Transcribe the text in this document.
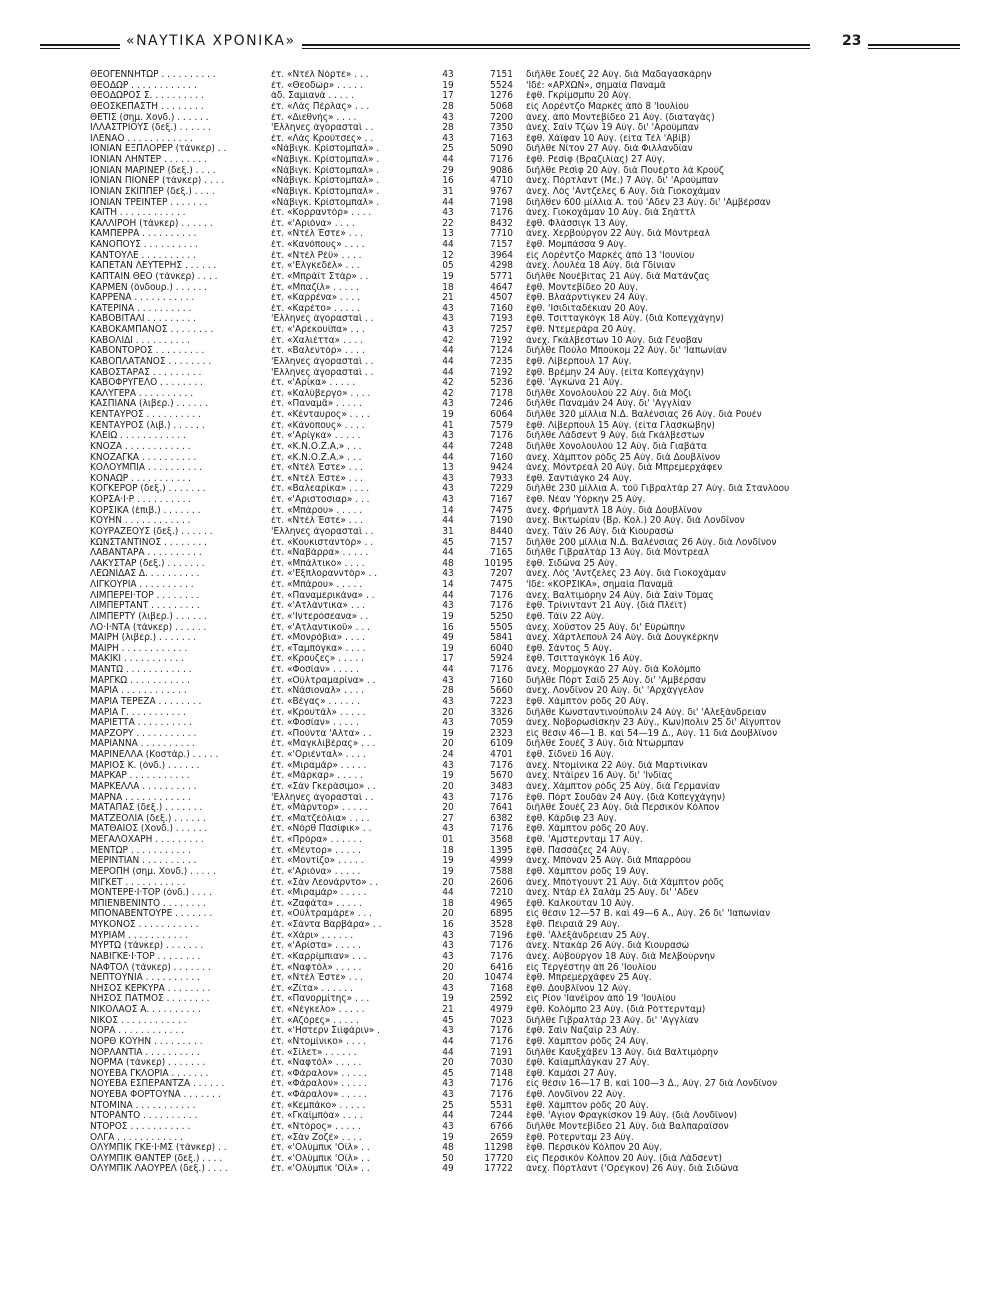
«ΝΑΥΤΙΚΑ ΧΡΟΝΙΚΑ»	23
ΘΕΟΓΕΝΝΗΤΩΡ . . . . . . . . . .	ἐτ. «Ντὲλ Νόρτε» . . .	43	7151 διῆλθε Σουὲζ 22 Αὐγ. διὰ Μαδαγασκάρην
ΘΕΟΔΩΡ . . . . . . . . . . . .	ἐτ. «Θεοδώρ» . . . . .	19	5524 'Ιδέ: «ΑΡΧΩΝ», σημαία Παναμᾶ
ΘΕΟΔΩΡΟΣ Σ. . . . . . . . . .	ἀδ. Σαμιανὰ . . . . .	17	1276 ἔφθ. Γκρίμσμπυ 20 Αὐγ.
ΘΕΟΣΚΕΠΑΣΤΗ . . . . . . . .	ἐτ. «Λὰς Πέρλας» . . .	28	5068 εἰς Λορέντζο Μαρκὲς ἀπὸ 8 'Ιουλίου
ΘΕΤΙΣ (σημ. Χονδ.) . . . . . .	ἐτ. «Διεθνὴς» . . . .	43	7200 ἀνεχ. ἀπὸ Μοντεβίδεο 21 Αὐγ. (διαταγὰς)
ΙΛΛΑΣΤΡΙΟΥΣ (δεξ.) . . . . . .	'Ελληνες ἀγορασταὶ . .	28	7350 ἀνεχ. Σαὶν Τζὼν 19 Αὐγ. δι' 'Αρούμπαν
ΙΛΕΝΑΟ . . . . . . . . . . . .	ἐτ. «Λὰς Κρούτσες» . .	43	7163 ἔφθ. Χάϊφαν 10 Αὐγ. (εἶτα Τὲλ 'Αβίβ)
ΙΟΝΙΑΝ ΕΞΠΛΟΡΕΡ (τάνκερ) . .	«Νάβιγκ. Κρίστομπαλ» .	25	5090 διῆλθε Νίτον 27 Αὐγ. διὰ Φιλλανδίαν
ΙΟΝΙΑΝ ΛΗΝΤΕΡ . . . . . . . .	«Νάβιγκ. Κρίστομπαλ» .	44	7176 ἔφθ. Ρεσὶφ (Βραζιλίας) 27 Αὐγ.
ΙΟΝΙΑΝ ΜΑΡΙΝΕΡ (δεξ.) . . . .	«Νάβιγκ. Κρίστομπαλ» .	29	9086 διῆλθε Ρεσὶφ 20 Αὐγ. διὰ Πουέρτο λὰ Κρούζ
ΙΟΝΙΑΝ ΠΙΟΝΕΡ (τάνκερ) . . . .	«Νάβιγκ. Κρίστομπαλ» .	16	4710 ἀνεχ. Πόρτλαντ (Με.) 7 Αὐγ. δι' 'Αρούμπαν
ΙΟΝΙΑΝ ΣΚΙΠΠΕΡ (δεξ.) . . . .	«Νάβιγκ. Κρίστομπαλ» .	31	9767 ἀνεχ. Λὸς 'Αντζελες 6 Αὐγ. διὰ Γιοκοχάμαν
ΙΟΝΙΑΝ ΤΡΕΪΝΤΕΡ . . . . . . .	«Νάβιγκ. Κρίστομπαλ» .	44	7198 διῆλθεν 600 μίλλια Α. τοῦ 'Αδεν 23 Αὐγ. δι' 'Αμβέρσαν
ΚΑΙΤΗ . . . . . . . . . . . .	ἐτ. «Κορραντόρ» . . . .	43	7176 ἀνεχ. Γιοκοχάμαν 10 Αὐγ. διὰ Σηάττλ
ΚΑΛΛΙΡΟΗ (τάνκερ) . . . . . .	ἐτ. «'Αριόνα» . . . .	22	8432 ἔφθ. Φλάσσιγκ 13 Αὐγ.
ΚΑΜΠΕΡΡΑ . . . . . . . . . .	ἐτ. «Ντὲλ Έστε» . . .	13	7710 ἀνεχ. Χερβούργον 22 Αὐγ. διὰ Μόντρεαλ
ΚΑΝΟΠΟΥΣ . . . . . . . . . .	ἐτ. «Κανόπους» . . . .	44	7157 ἔφθ. Μομπάσσα 9 Αὐγ.
ΚΑΝΤΟΥΛΕ . . . . . . . . . .	ἐτ. «Ντὲλ Ρέϋ» . . . .	12	3964 εἰς Λορέντζο Μαρκὲς ἀπὸ 13 'Ιουνίου
ΚΑΠΕΤΑΝ ΛΕΥΤΕΡΗΣ . . . . . .	ἐτ. «'Ελγκεδὲλ» . . .	05	4298 ἀνεχ. Λουλέα 18 Αὐγ. διὰ Γδίνιαν
ΚΑΠΤΑΙΝ ΘΕΟ (τάνκερ) . . . .	ἐτ. «Μπράϊτ Στὰρ» . .	19	5771 διῆλθε Νουέβιτας 21 Αὐγ. διὰ Ματάνζας
ΚΑΡΜΕΝ (ὅνδουρ.) . . . . . .	ἐτ. «Μπαζίλ» . . . . .	18	4647 ἔφθ. Μοντεβίδεο 20 Αὐγ.
ΚΑΡΡΕΝΑ . . . . . . . . . . .	ἐτ. «Καρρένα» . . . .	21	4507 ἔφθ. Βλαάρντιγκεν 24 Αὐγ.
ΚΑΤΕΡΙΝΑ . . . . . . . . . .	ἐτ. «Καρέτο» . . . . .	43	7160 ἔφθ. 'Ισιδιταδέκιαν 20 Αὐγ.
ΚΑΒΟΒΙΤΑΛΙ . . . . . . . . .	'Ελληνες ἀγορασταὶ . .	43	7193 ἔφθ. Τσιτταγκὸγκ 18 Αὐγ. (διὰ Κοπεγχάγην)
ΚΑΒΟΚΑΜΠΑΝΟΣ . . . . . . . .	ἐτ. «'Αρεκουΐπα» . . .	43	7257 ἔφθ. Ντεμεράρα 20 Αὐγ.
ΚΑΒΟΛΙΔΙ . . . . . . . . . .	ἐτ. «Χαλιέττα» . . . .	42	7192 ἀνεχ. Γκάλβεστων 10 Αὐγ. διὰ Γένοβαν
ΚΑΒΟΝΤΟΡΟΣ . . . . . . . . .	ἐτ. «Βαλεντὸρ» . . . .	44	7124 διῆλθε Πούλο Μπούκομ 22 Αὐγ. δι' 'Ιαπωνίαν
ΚΑΒΟΠΛΑΤΑΝΟΣ . . . . . . . .	'Ελληνες ἀγορασταὶ . .	44	7235 ἔφθ. Λίβερπουλ 17 Αὐγ.
ΚΑΒΟΣΤΑΡΑΣ . . . . . . . . .	'Ελληνες ἀγορασταὶ . .	44	7192 ἔφθ. Βρέμην 24 Αὐγ. (εἶτα Κοπεγχάγην)
ΚΑΒΟΦΡΥΓΕΛΟ . . . . . . . .	ἐτ. «'Αρίκα» . . . . .	42	5236 ἔφθ. 'Αγκώνα 21 Αὐγ.
ΚΑΛΥΓΕΡΑ . . . . . . . . . .	ἐτ. «Καλύβεργο» . . . .	42	7178 διῆλθε Χονολουλοὺ 22 Αὐγ. διὰ Μόζι
ΚΑΣΠΙΑΝΑ (λιβερ.) . . . . . .	ἐτ. «Παναμᾶ» . . . . .	43	7246 διῆλθε Παναμᾶν 24 Αὐγ. δι' 'Αγγλίαν
ΚΕΝΤΑΥΡΟΣ . . . . . . . . . .	ἐτ. «Κένταυρος» . . . .	19	6064 διῆλθε 320 μίλλια Ν.Δ. Βαλένσιας 26 Αὐγ. διὰ Ρουὲν
ΚΕΝΤΑΥΡΟΣ (λιβ.) . . . . . .	ἐτ. «Κάνοπους» . . . .	41	7579 ἔφθ. Λίβερπουλ 15 Αὐγ. (εἶτα Γλασκώβην)
ΚΛΕΙΩ . . . . . . . . . . . .	ἐτ. «'Αρίγκα» . . . . .	43	7176 διῆλθε Λάδσεντ 9 Αὐγ. διὰ Γκάλβεστων
ΚΝΟΖΑ . . . . . . . . . . . .	ἐτ. «Κ.Ν.Ο.Ζ.Α.» . . .	44	7248 διῆλθε Χονολουλοὺ 12 Αὐγ. διὰ Γιαβάτα
ΚΝΟΖΑΓΚΑ . . . . . . . . . .	ἐτ. «Κ.Ν.Ο.Ζ.Α.» . . .	44	7160 ἀνεχ. Χάμπτον ρὸδς 25 Αὐγ. διὰ Δουβλῖνον
ΚΟΛΟΥΜΠΙΑ . . . . . . . . . .	ἐτ. «Ντὲλ Έστε» . . .	13	9424 ἀνεχ. Μόντρεαλ 20 Αὐγ. διὰ Μπρεμερχάφεν
ΚΟΝΑΩΡ . . . . . . . . . . .	ἐτ. «Ντὲλ Έστε» . . .	43	7933 ἔφθ. Σαντιάγκο 24 Αὐγ.
ΚΟΓΚΕΡΟΡ (δεξ.) . . . . . . .	ἐτ. «Βαλεαρίκα» . . . .	43	7229 διῆλθε 230 μίλλια Α. τοῦ Γιβραλτὰρ 27 Αὐγ. διὰ Στανλόου
ΚΟΡΣΑ·Ι·Ρ . . . . . . . . . .	ἐτ. «'Αριστοσιαρ» . . .	43	7167 ἔφθ. Νέαν 'Υόρκην 25 Αὐγ.
ΚΟΡΣΙΚΑ (ἐπιβ.) . . . . . . .	ἐτ. «Μπάρου» . . . . .	14	7475 ἀνεχ. Φρήμαντλ 18 Αὐγ. διὰ Δουβλῖνον
ΚΟΥΗΝ . . . . . . . . . . . .	ἐτ. «Ντὲλ Έστε» . . .	44	7190 ἀνεχ. Βικτωρίαν (Βρ. Κολ.) 20 Αὐγ. διὰ Λονδῖνον
ΚΟΥΡΑΖΕΟΥΣ (δεξ.) . . . . . .	'Ελληνες ἀγορασταὶ . .	31	8440 ἀνεχ. Τάϊν 26 Αὐγ. διὰ Κιουρασὼ
ΚΩΝΣΤΑΝΤΙΝΟΣ . . . . . . . .	ἐτ. «Κουκισταντὸρ» . .	45	7157 διῆλθε 200 μίλλια Ν.Δ. Βαλένσιας 26 Αὐγ. διὰ Λονδῖνον
ΛΑΒΑΝΤΑΡΑ . . . . . . . . . .	ἐτ. «Ναβάρρα» . . . . .	44	7165 διῆλθε Γιβραλτὰρ 13 Αὐγ. διὰ Μόντρεαλ
ΛΑΚΥΣΤΑΡ (δεξ.) . . . . . . .	ἐτ. «Μπάλτικο» . . . .	48	10195 ἔφθ. Σιδῶνα 25 Αὐγ.
ΛΕΩΝΙΔΑΣ Δ. . . . . . . . . .	ἐτ. «'Εξπλορανντὸρ» . .	43	7207 ἀνεχ. Λὸς 'Αντζελες 23 Αὐγ. διὰ Γιοκοχάμαν
ΛΙΓΚΟΥΡΙΑ . . . . . . . . . .	ἐτ. «Μπάρου» . . . . .	14	7475 'Ιδέ: «ΚΟΡΣΙΚΑ», σημαία Παναμᾶ
ΛΙΜΠΕΡΕΪ·ΤΟΡ . . . . . . . .	ἐτ. «Παναμερικάνα» . .	44	7176 ἀνεχ. Βαλτιμόρην 24 Αὐγ. διὰ Σαὶν Τόμας
ΛΙΜΠΕΡΤΑΝΤ . . . . . . . . .	ἐτ. «'Ατλάντικα» . . .	43	7176 ἔφθ. Τρίνινταντ 21 Αὐγ. (διὰ Πλέϊτ)
ΛΙΜΠΕΡΤΥ (λιβερ.) . . . . . .	ἐτ. «'Ιντερόσεανα» . .	19	5250 ἔφθ. Τάϊν 22 Αὐγ.
ΛΟ·Ι·ΝΤΑ (τάνκερ) . . . . . .	ἐτ. «'Ατλαντικοῦ» . . .	16	5505 ἀνεχ. Χοῦστον 25 Αὐγ. δι' Εὐρώπην
ΜΑΙΡΗ (λιβερ.) . . . . . . .	ἐτ. «Μονρόβια» . . . .	49	5841 ἀνεχ. Χάρτλεπουλ 24 Αὐγ. διὰ Δουγκέρκην
ΜΑΙΡΗ . . . . . . . . . . . .	ἐτ. «Ταμπόγκα» . . . .	19	6040 ἔφθ. Σάντος 5 Αὐγ.
ΜΑΚΙΚΙ . . . . . . . . . . .	ἐτ. «Κρούζες» . . . . .	17	5924 ἔφθ. Τσιτταγκὸγκ 16 Αὐγ.
ΜΑΝΤΩ . . . . . . . . . . . .	ἐτ. «Φοσίαν» . . . . .	44	7176 ἀνεχ. Μορμογκάο 27 Αὐγ. διὰ Κολόμπο
ΜΑΡΓΚΩ . . . . . . . . . . .	ἐτ. «Οὐλτραμαρίνα» . .	43	7160 διῆλθε Πὸρτ Σαΐδ 25 Αὐγ. δι' 'Αμβέρσαν
ΜΑΡΙΑ . . . . . . . . . . . .	ἐτ. «Νάσιοναλ» . . . .	28	5660 ἀνεχ. Λονδῖνον 20 Αὐγ. δι' 'Αρχάγγελον
ΜΑΡΙΑ ΤΕΡΕΖΑ . . . . . . . .	ἐτ. «Βέγας» . . . . . .	43	7223 ἔφθ. Χάμπτον ρὸδς 20 Αὐγ.
ΜΑΡΙΑ Γ. . . . . . . . . . .	ἐτ. «Κρουτάλ» . . . . .	20	3326 διῆλθε Κωνσταντινούπολιν 24 Αὐγ. δι' 'Αλεξάνδρειαν
ΜΑΡΙΕΤΤΑ . . . . . . . . . .	ἐτ. «Φοσίαν» . . . . .	43	7059 ἀνεχ. Νοβορωσίσκην 23 Αὐγ., Κων)πολιν 25 δι' Αἴγυπτον
ΜΑΡΖΟΡΥ . . . . . . . . . . .	ἐτ. «Πούντα 'Αλτα» . .	19	2323 εἰς θέσιν 46—1 Β. καὶ 54—19 Δ., Αὐγ. 11 διὰ Δουβλῖνον
ΜΑΡΙΑΝΝΑ . . . . . . . . . .	ἐτ. «Μαγκλιβέρας» . . .	20	6109 διῆλθε Σουὲζ 3 Αὐγ. διὰ Ντώρμπαν
ΜΑΡΙΝΕΛΛΑ (Κοστάρ.) . . . . .	ἐτ. «'Οριένταλ» . . . .	24	4701 ἔφθ. Σίδνεϋ 16 Αὐγ.
ΜΑΡΙΟΣ Κ. (ὀνδ.) . . . . . .	ἐτ. «Μιραμάρ» . . . . .	43	7176 ἀνεχ. Ντομίνικα 22 Αὐγ. διὰ Μαρτινίκαν
ΜΑΡΚΑΡ . . . . . . . . . . .	ἐτ. «Μάρκαρ» . . . . .	19	5670 ἀνεχ. Ντάϊρεν 16 Αὐγ. δι' 'Ινδίας
ΜΑΡΚΕΛΛΑ . . . . . . . . . .	ἐτ. «Σὰν Γκεράσιμο» . .	20	3483 ἀνεχ. Χάμπτον ρὸδς 25 Αὐγ. διὰ Γερμανίαν
ΜΑΡΝΑ . . . . . . . . . . . .	'Ελληνες ἀγορασταὶ . .	43	7176 ἔφθ. Πὸρτ Σουδὰν 24 Αὐγ. (διὰ Κοπεγχάγην)
ΜΑΤΑΠΑΣ (δεξ.) . . . . . . .	ἐτ. «Μάρντορ» . . . . .	20	7641 διῆλθε Σουὲζ 23 Αὐγ. διὰ Περσικὸν Κόλπον
ΜΑΤΖΕΟΛΙΑ (δεξ.) . . . . . .	ἐτ. «Ματζεόλια» . . . .	27	6382 ἔφθ. Κάρδιφ 23 Αὐγ.
ΜΑΤΘΑΙΟΣ (Χονδ.) . . . . . .	ἐτ. «Νὸρθ Πασίφικ» . .	43	7176 ἔφθ. Χάμπτον ρὸδς 20 Αὐγ.
ΜΕΓΑΛΟΧΑΡΗ . . . . . . . . .	ἐτ. «Πρόρα» . . . . . .	01	3568 ἔφθ. 'Αμστερνταμ 17 Αὐγ.
ΜΕΝΤΩΡ . . . . . . . . . . .	ἐτ. «Μέντορ» . . . . .	18	1395 ἔφθ. Πασσάζες 24 Αὐγ.
ΜΕΡΙΝΤΙΑΝ . . . . . . . . . .	ἐτ. «Μοντίζο» . . . . .	19	4999 ἀνεχ. Μπόναν 25 Αὐγ. διὰ Μπαρρόου
ΜΕΡΟΠΗ (σημ. Χονδ.) . . . . .	ἐτ. «'Αριόνα» . . . . .	19	7588 ἔφθ. Χάμπτον ρὸδς 19 Αὐγ.
ΜΙΓΚΕΤ . . . . . . . . . . .	ἐτ. «Σὰν Λεονάρντο» . .	20	2606 ἀνεχ. Μπότγουντ 21 Αὐγ. διὰ Χάμπτον ρὸδς
ΜΟΝΤΕΡΕ·Ι·ΤΟΡ (ὀνδ.) . . . .	ἐτ. «Μιραμάρ» . . . . .	44	7210 ἀνεχ. Ντὰρ ἐλ Σαλὰμ 25 Αὐγ. δι' 'Αδεν
ΜΠΙΕΝΒΕΝΙΝΤΟ . . . . . . . .	ἐτ. «Ζαφάτα» . . . . .	18	4965 ἔφθ. Καλκούταν 10 Αὐγ.
ΜΠΟΝΑΒΕΝΤΟΥΡΕ . . . . . . .	ἐτ. «Οὐλτραμάρε» . . .	20	6895 εἰς θέσιν 12—57 Β. καὶ 49—6 Α., Αὐγ. 26 δι' 'Ιαπωνίαν
ΜΥΚΟΝΟΣ . . . . . . . . . . .	ἐτ. «Σάντα Βαρβάρα» . .	16	3528 ἔφθ. Πειραιᾶ 29 Αὐγ.
ΜΥΡΙΑΜ . . . . . . . . . . .	ἐτ. «Χάρι» . . . . . .	43	7196 ἔφθ. 'Αλεξάνδρειαν 25 Αὐγ.
ΜΥΡΤΩ (τάνκερ) . . . . . . .	ἐτ. «'Αρίστα» . . . . .	43	7176 ἀνεχ. Ντακὰρ 26 Αὐγ. διὰ Κιουρασὼ
ΝΑΒΙΓΚΕ·Ι·ΤΟΡ . . . . . . . .	ἐτ. «Καρρίμπιαν» . . .	43	7176 ἀνεχ. Αὐβούργον 18 Αὐγ. διὰ Μελβούρνην
ΝΑΦΤΟΛ (τάνκερ) . . . . . . .	ἐτ. «Ναφτόλ» . . . . .	20	6416 εἰς Τεργέστην ἀπ 26 'Ιουλίου
ΝΕΠΤΟΥΝΙΑ . . . . . . . . . .	ἐτ. «Ντὲλ Έστε» . . .	20	10474 ἔφθ. Μπρεμερχάφεν 25 Αὐγ.
ΝΗΣΟΣ ΚΕΡΚΥΡΑ . . . . . . . .	ἐτ. «Ζίτα» . . . . . .	43	7168 ἔφθ. Δουβλῖνον 12 Αὐγ.
ΝΗΣΟΣ ΠΑΤΜΟΣ . . . . . . . .	ἐτ. «Πανορμίτης» . . .	19	2592 εἰς Ρίον 'Ιανέϊρον ἀπὸ 19 'Ιουλίου
ΝΙΚΟΛΑΟΣ Α. . . . . . . . . .	ἐτ. «Νέγκελο» . . . . .	21	4979 ἔφθ. Κολόμπο 23 Αὐγ. (διὰ Ρόττερνταμ)
ΝΙΚΟΣ . . . . . . . . . . . .	ἐτ. «Αζόρες» . . . . .	45	7023 διῆλθε Γιβραλτὰρ 23 Αὐγ. δι' 'Αγγλίαν
ΝΟΡΑ . . . . . . . . . . . .	ἐτ. «'Ηστερν Σιϊφάριν» .	43	7176 ἔφθ. Σαὶν Ναζαὶρ 23 Αὐγ.
ΝΟΡΘ ΚΟΥΗΝ . . . . . . . . .	ἐτ. «Ντομίνικο» . . . .	44	7176 ἔφθ. Χάμπτον ρὸδς 24 Αὐγ.
ΝΟΡΛΑΝΤΙΑ . . . . . . . . . .	ἐτ. «Σίλετ» . . . . . .	44	7191 διῆλθε Καυξχάβεν 13 Αὐγ. διὰ Βαλτιμόρην
ΝΟΡΜΑ (τάνκερ) . . . . . . .	ἐτ. «Ναφτόλ» . . . . .	20	7030 ἔφθ. Καϊαμπλάγκαν 27 Αὐγ.
ΝΟΥΕΒΑ ΓΚΛΟΡΙΑ . . . . . . .	ἐτ. «Φάραλον» . . . . .	45	7148 ἔφθ. Καμάσι 27 Αὐγ.
ΝΟΥΕΒΑ ΕΣΠΕΡΑΝΤΖΑ . . . . . .	ἐτ. «Φάραλον» . . . . .	43	7176 εἰς θέσιν 16—17 Β. καὶ 100—3 Δ., Αὐγ. 27 διὰ Λονδῖνον
ΝΟΥΕΒΑ ΦΟΡΤΟΥΝΑ . . . . . . .	ἐτ. «Φάραλον» . . . . .	43	7176 ἔφθ. Λονδῖνον 22 Αὐγ.
ΝΤΟΜΙΝΑ . . . . . . . . . . .	ἐτ. «Κεμπάκο» . . . . .	25	5531 ἔφθ. Χάμπτον ρὸδς 20 Αὐγ.
ΝΤΟΡΑΝΤΟ . . . . . . . . . .	ἐτ. «Γκαϊμπόα» . . . .	44	7244 ἔφθ. 'Αγιον Φραγκίσκον 19 Αὐγ. (διὰ Λονδῖνον)
ΝΤΟΡΟΣ . . . . . . . . . . .	ἐτ. «Ντόρος» . . . . .	43	6766 διῆλθε Μοντεβίδεο 21 Αὐγ. διὰ Βαλπαραΐσον
ΟΛΓΑ . . . . . . . . . . . .	ἐτ. «Σὰν Ζοζὲ» . . . .	19	2659 ἔφθ. Ρότερνταμ 23 Αὐγ.
ΟΛΥΜΠΙΚ ΓΚΕ·Ι·ΜΣ (τάνκερ) . .	ἐτ. «'Ολύμπικ 'Οϊλ» . .	48	11298 ἔφθ. Περσικὸν Κόλπον 20 Αὐγ.
ΟΛΥΜΠΙΚ ΘΑΝΤΕΡ (δεξ.) . . . .	ἐτ. «'Ολύμπικ 'Οϊλ» . .	50	17720 εἰς Περσικὸν Κόλπον 20 Αὐγ. (διὰ Λάδσεντ)
ΟΛΥΜΠΙΚ ΛΑΟΥΡΕΛ (δεξ.) . . . .	ἐτ. «'Ολύμπικ 'Οϊλ» . .	49	17722 ἀνεχ. Πόρτλαντ ('Ορεγκον) 26 Αὐγ. διὰ Σιδῶνα
